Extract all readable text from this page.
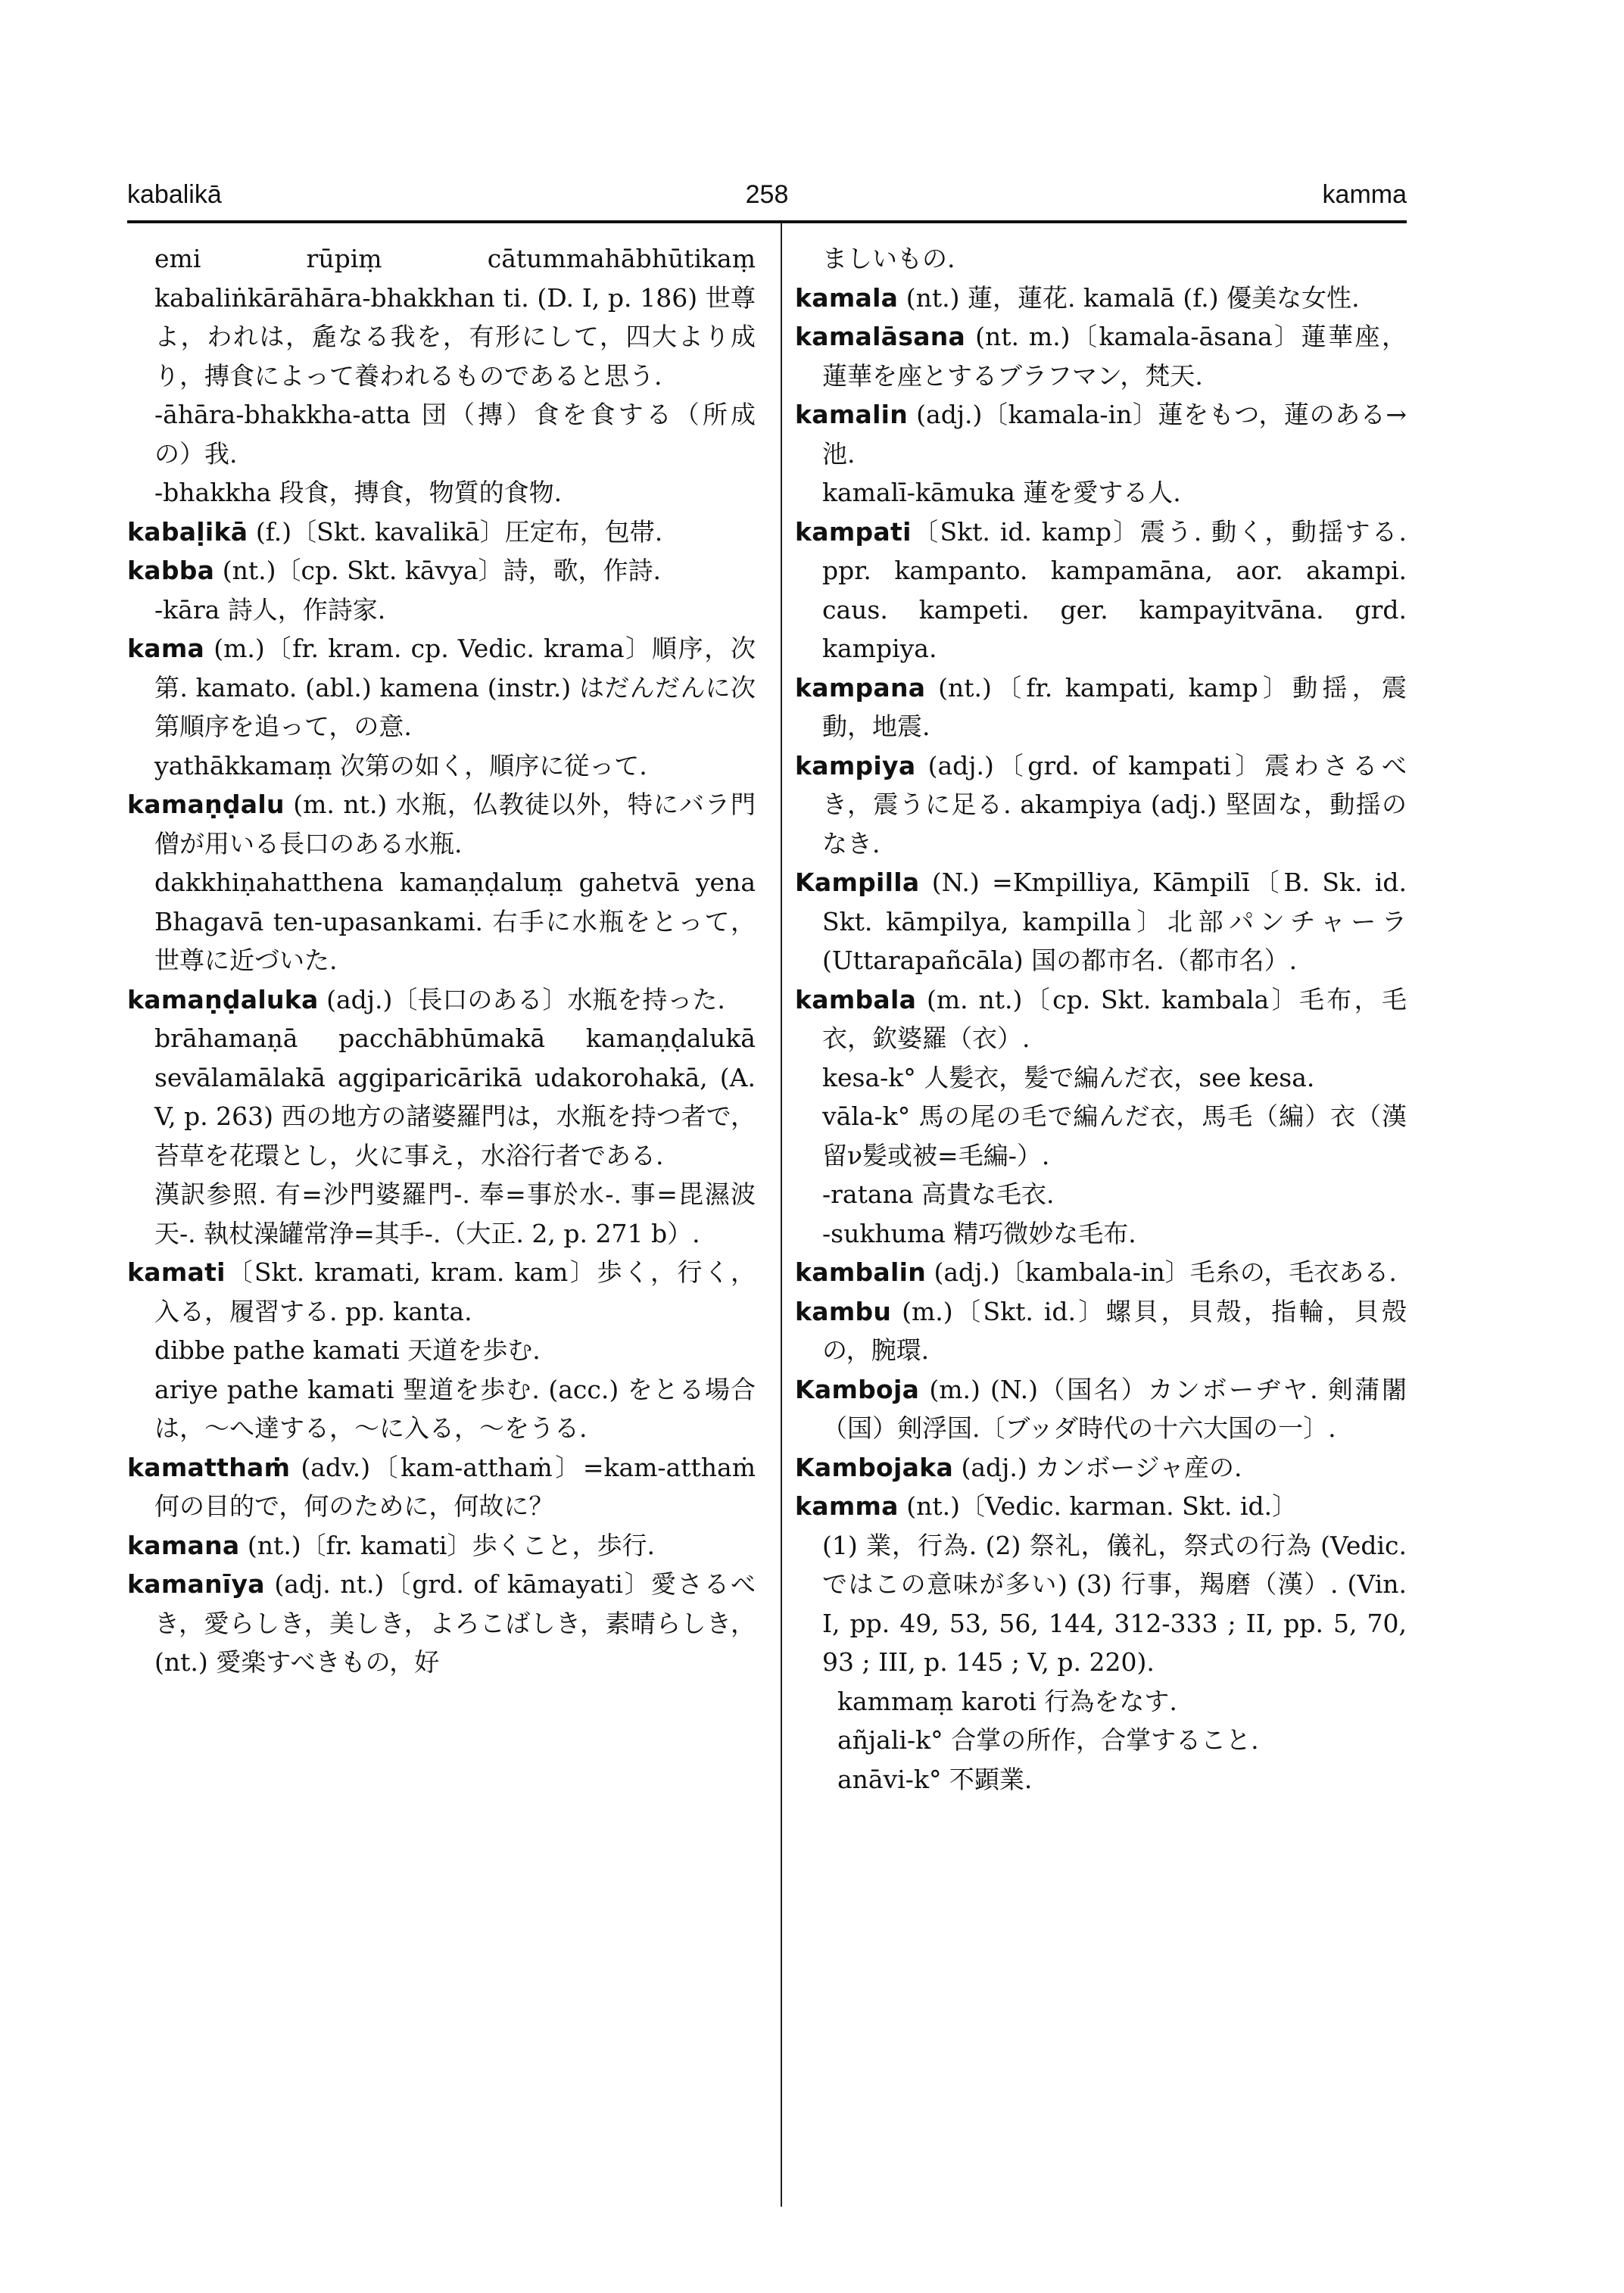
kabalikā	258	kamma

emi rūpiṃ cātummahābhūtikaṃ kabaliṅkārāhāra-bhakkhan ti. (D. I, p. 186) 世尊よ，われは，麁なる我を，有形にして，四大より成り，摶食によって養われるものであると思う.

-āhāra-bhakkha-atta 団（摶）食を食する（所成の）我.

-bhakkha 段食，摶食，物質的食物.

kabaḷikā (f.)〔Skt. kavalikā〕圧定布，包帯.

kabba (nt.)〔cp. Skt. kāvya〕詩，歌，作詩.

-kāra 詩人，作詩家.

kama (m.)〔fr. kram. cp. Vedic. krama〕順序，次第. kamato. (abl.) kamena (instr.) はだんだんに次第順序を追って，の意.

yathākkamaṃ 次第の如く，順序に従って.

kamaṇḍalu (m. nt.) 水瓶，仏教徒以外，特にバラ門僧が用いる長口のある水瓶.

dakkhiṇahatthena kamaṇḍaluṃ gahetvā yena Bhagavā ten-upasankami. 右手に水瓶をとって，世尊に近づいた.

kamaṇḍaluka (adj.)〔長口のある〕水瓶を持った.

brāhamaṇā pacchābhūmakā kamaṇḍalukā sevālamālakā aggiparicārikā udakorohakā, (A. V, p. 263) 西の地方の諸婆羅門は，水瓶を持つ者で，苔草を花環とし，火に事え，水浴行者である.

漢訳参照. 有=沙門婆羅門-. 奉=事於水-. 事=毘濕波天-. 執杖澡罐常浄=其手-.（大正. 2, p. 271 b）.

kamati〔Skt. kramati, kram. kam〕歩く，行く，入る，履習する. pp. kanta.

dibbe pathe kamati 天道を歩む.

ariye pathe kamati 聖道を歩む. (acc.) をとる場合は，〜へ達する，〜に入る，〜をうる.

kamatthaṁ (adv.)〔kam-atthaṁ〕=kam-atthaṁ 何の目的で，何のために，何故に？

kamana (nt.)〔fr. kamati〕歩くこと，歩行.

kamanīya (adj. nt.)〔grd. of kāmayati〕愛さるべき，愛らしき，美しき，よろこばしき，素晴らしき，(nt.) 愛楽すべきもの，好

ましいもの.

kamala (nt.) 蓮，蓮花. kamalā (f.) 優美な女性.

kamalāsana (nt. m.)〔kamala-āsana〕蓮華座，蓮華を座とするブラフマン，梵天.

kamalin (adj.)〔kamala-in〕蓮をもつ，蓮のある→池.

kamalī-kāmuka 蓮を愛する人.

kampati〔Skt. id. kamp〕震う. 動く，動揺する. ppr. kampanto. kampamāna, aor. akampi. caus. kampeti. ger. kampayitvāna. grd. kampiya.

kampana (nt.)〔fr. kampati, kamp〕動揺，震動，地震.

kampiya (adj.)〔grd. of kampati〕震わさるべき，震うに足る. akampiya (adj.) 堅固な，動揺のなき.

Kampilla (N.) =Kmpilliya, Kāmpilī〔B. Sk. id. Skt. kāmpilya, kampilla〕北部パンチャーラ (Uttarapañcāla) 国の都市名.（都市名）.

kambala (m. nt.)〔cp. Skt. kambala〕毛布，毛衣，欽婆羅（衣）.

kesa-k° 人髪衣，髪で編んだ衣，see kesa.

vāla-k° 馬の尾の毛で編んだ衣，馬毛（編）衣（漢 留ν髪或被=毛編-）.

-ratana 高貴な毛衣.

-sukhuma 精巧微妙な毛布.

kambalin (adj.)〔kambala-in〕毛糸の，毛衣ある.

kambu (m.)〔Skt. id.〕螺貝，貝殻，指輪，貝殻の，腕環.

Kamboja (m.) (N.)（国名）カンボーヂヤ. 剣蒲闍（国）剣浮国.〔ブッダ時代の十六大国の一〕.

Kambojaka (adj.) カンボージャ産の.

kamma (nt.)〔Vedic. karman. Skt. id.〕

(1) 業，行為. (2) 祭礼，儀礼，祭式の行為 (Vedic. ではこの意味が多い) (3) 行事，羯磨（漢）. (Vin. I, pp. 49, 53, 56, 144, 312-333 ; II, pp. 5, 70, 93 ; III, p. 145 ; V, p. 220).

kammaṃ karoti 行為をなす.

añjali-k° 合掌の所作，合掌すること.

anāvi-k° 不顕業.
